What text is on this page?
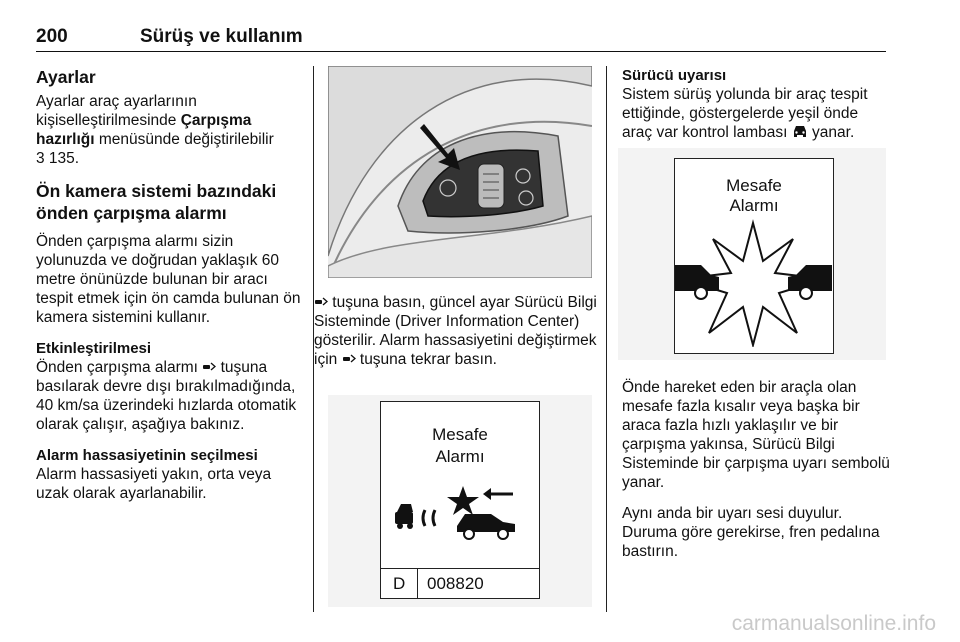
200	Sürüş ve kullanım
Ayarlar

Ayarlar araç ayarlarının kişiselleştirilmesinde Çarpışma hazırlığı menüsünde değiştirilebilir
3 135.

Ön kamera sistemi bazındaki önden çarpışma alarmı

Önden çarpışma alarmı sizin yolunuzda ve doğrudan yaklaşık 60 metre önünüzde bulunan bir aracı tespit etmek için ön camda bulunan ön kamera sistemini kullanır.

Etkinleştirilmesi

Önden çarpışma alarmı  tuşuna basılarak devre dışı bırakılmadığında, 40 km/sa üzerindeki hızlarda otomatik olarak çalışır, aşağıya bakınız.

Alarm hassasiyetinin seçilmesi

Alarm hassasiyeti yakın, orta veya uzak olarak ayarlanabilir.

tuşuna basın, güncel ayar Sürücü Bilgi Sisteminde (Driver Information Center) gösterilir. Alarm hassasiyetini değiştirmek için  tuşuna tekrar basın.

Mesafe
Alarmı
D 008820
Sürücü uyarısı

Sistem sürüş yolunda bir araç tespit ettiğinde, göstergelerde yeşil önde araç var kontrol lambası  yanar.

Mesafe
Alarmı

Önde hareket eden bir araçla olan mesafe fazla kısalır veya başka bir araca fazla hızlı yaklaşılır ve bir çarpışma yakınsa, Sürücü Bilgi Sisteminde bir çarpışma uyarı sembolü yanar.

Aynı anda bir uyarı sesi duyulur. Duruma göre gerekirse, fren pedalına bastırın.

carmanualsonline.info
